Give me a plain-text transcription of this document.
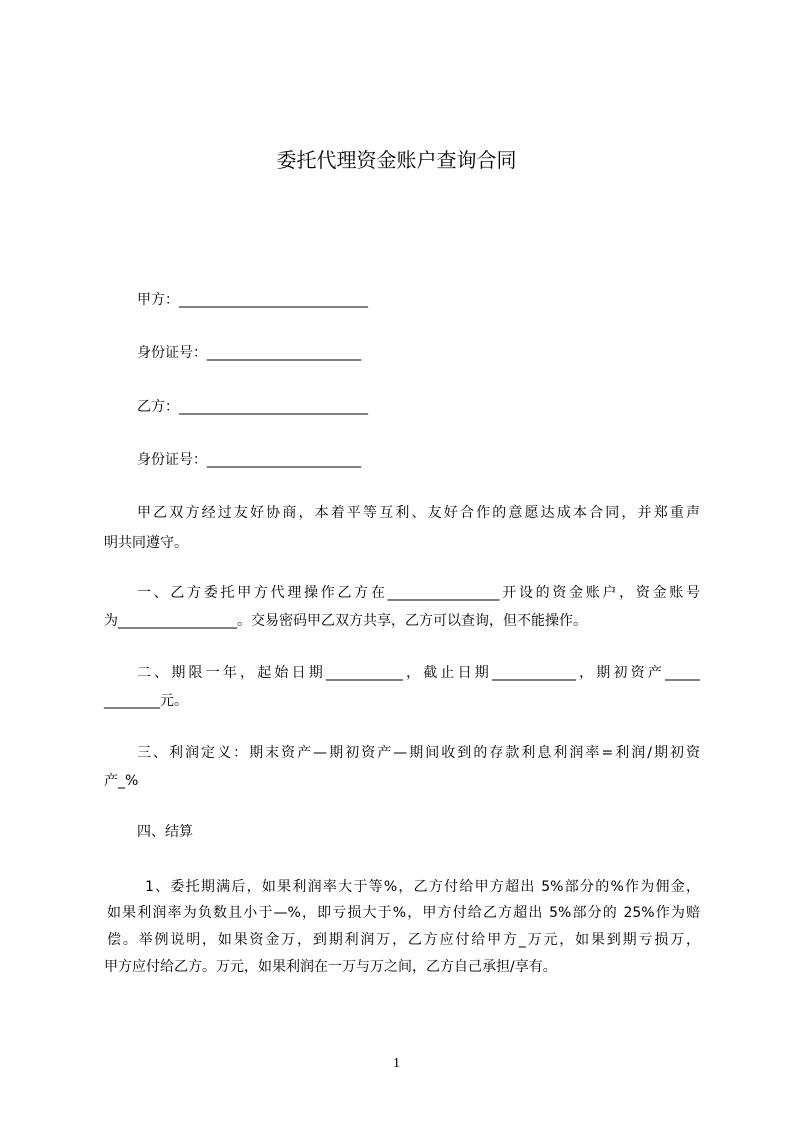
委托代理资金账户查询合同
甲方：___________________________
身份证号：______________________
乙方：___________________________
身份证号：______________________
甲乙双方经过友好协商，本着平等互利、友好合作的意愿达成本合同，并郑重声
明共同遵守。
一、乙方委托甲方代理操作乙方在________________开设的资金账户，资金账号
为_________________。交易密码甲乙双方共享，乙方可以查询，但不能操作。
二、期限一年，起始日期___________，截止日期____________，期初资产_____
________元。
三、利润定义：期末资产—期初资产—期间收到的存款利息利润率=利润/期初资
产_%
四、结算
1、委托期满后，如果利润率大于等%，乙方付给甲方超出 5%部分的%作为佣金，
如果利润率为负数且小于—%，即亏损大于%，甲方付给乙方超出 5%部分的 25%作为赔
偿。举例说明，如果资金万，到期利润万，乙方应付给甲方_万元，如果到期亏损万，
甲方应付给乙方。万元，如果利润在一万与万之间，乙方自己承担/享有。
1
